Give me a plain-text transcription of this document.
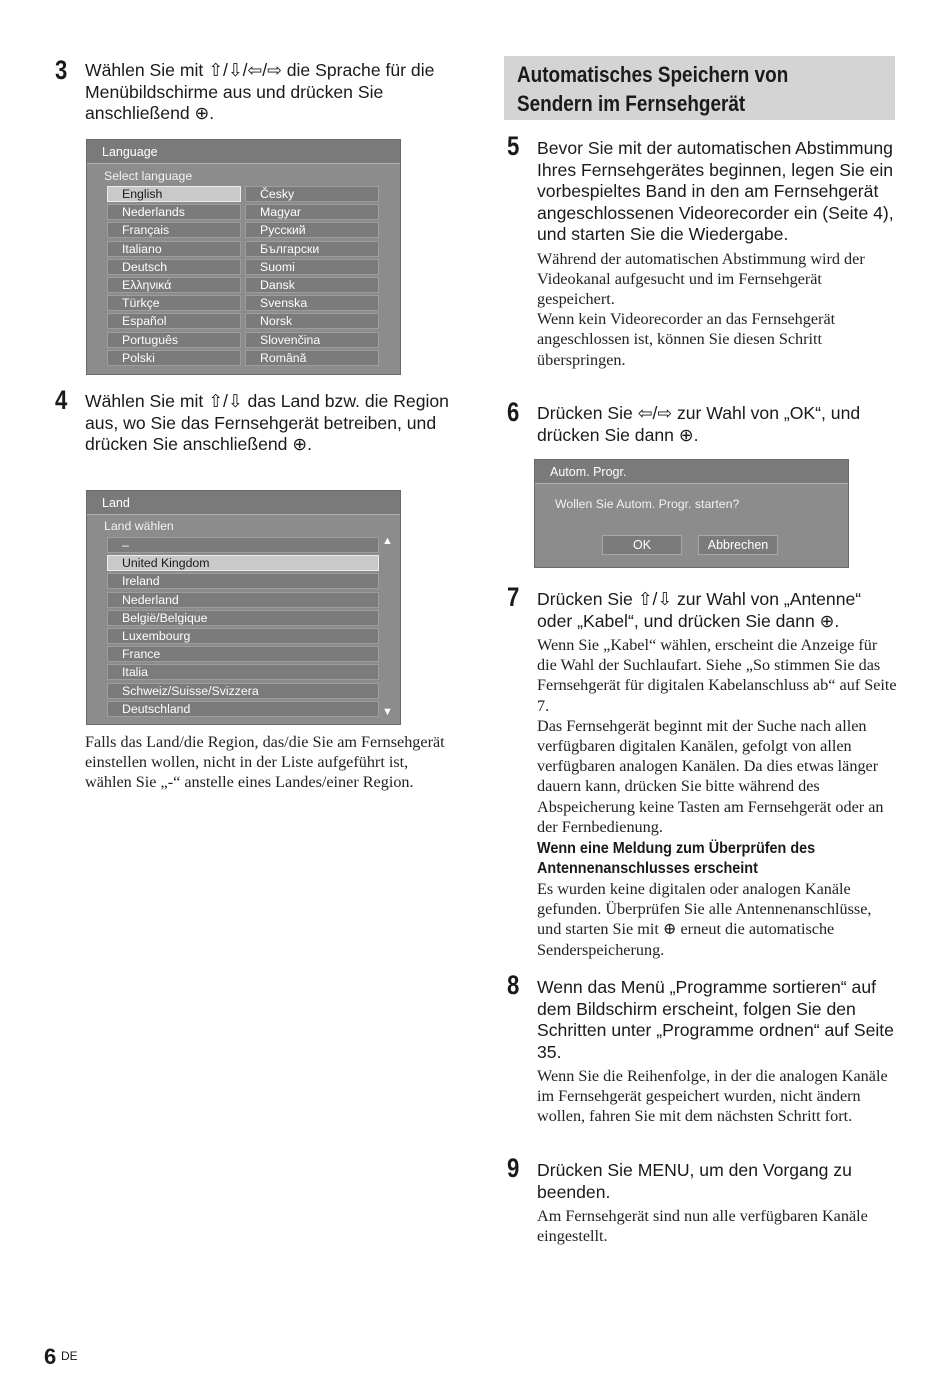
3 Wählen Sie mit ⇧/⇩/⇦/⇨ die Sprache für die Menübildschirme aus und drücken Sie anschließend ⊕.

Language
Select language
English
Nederlands
Français
Italiano
Deutsch
Ελληνικά
Türkçe
Español
Português
Polski
Česky
Magyar
Русский
Български
Suomi
Dansk
Svenska
Norsk
Slovenčina
Română
4 Wählen Sie mit ⇧/⇩ das Land bzw. die Region aus, wo Sie das Fernsehgerät betreiben, und drücken Sie anschließend ⊕.

Land
Land wählen
–
United Kingdom
Ireland
Nederland
België/Belgique
Luxembourg
France
Italia
Schweiz/Suisse/Svizzera
Deutschland
▲
▼

Falls das Land/die Region, das/die Sie am Fernsehgerät einstellen wollen, nicht in der Liste aufgeführt ist, wählen Sie „-“ anstelle eines Landes/einer Region.

Automatisches Speichern von
Sendern im Fernsehgerät
5 Bevor Sie mit der automatischen Abstimmung Ihres Fernsehgerätes beginnen, legen Sie ein vorbespieltes Band in den am Fernsehgerät angeschlossenen Videorecorder ein (Seite 4), und starten Sie die Wiedergabe.

Während der automatischen Abstimmung wird der Videokanal aufgesucht und im Fernsehgerät gespeichert.

Wenn kein Videorecorder an das Fernsehgerät angeschlossen ist, können Sie diesen Schritt überspringen.

6 Drücken Sie ⇦/⇨ zur Wahl von „OK“, und drücken Sie dann ⊕.

Autom. Progr.
Wollen Sie Autom. Progr. starten?
OK	Abbrechen
7 Drücken Sie ⇧/⇩ zur Wahl von „Antenne“ oder „Kabel“, und drücken Sie dann ⊕.

Wenn Sie „Kabel“ wählen, erscheint die Anzeige für die Wahl der Suchlaufart. Siehe „So stimmen Sie das Fernsehgerät für digitalen Kabelanschluss ab“ auf Seite 7.

Das Fernsehgerät beginnt mit der Suche nach allen verfügbaren digitalen Kanälen, gefolgt von allen verfügbaren analogen Kanälen. Da dies etwas länger dauern kann, drücken Sie bitte während des Abspeicherung keine Tasten am Fernsehgerät oder an der Fernbedienung.

Wenn eine Meldung zum Überprüfen des Antennenanschlusses erscheint

Es wurden keine digitalen oder analogen Kanäle gefunden. Überprüfen Sie alle Antennenanschlüsse, und starten Sie mit ⊕ erneut die automatische Senderspeicherung.

8 Wenn das Menü „Programme sortieren“ auf dem Bildschirm erscheint, folgen Sie den Schritten unter „Programme ordnen“ auf Seite 35.

Wenn Sie die Reihenfolge, in der die analogen Kanäle im Fernsehgerät gespeichert wurden, nicht ändern wollen, fahren Sie mit dem nächsten Schritt fort.

9 Drücken Sie MENU, um den Vorgang zu beenden.

Am Fernsehgerät sind nun alle verfügbaren Kanäle eingestellt.

6 DE
